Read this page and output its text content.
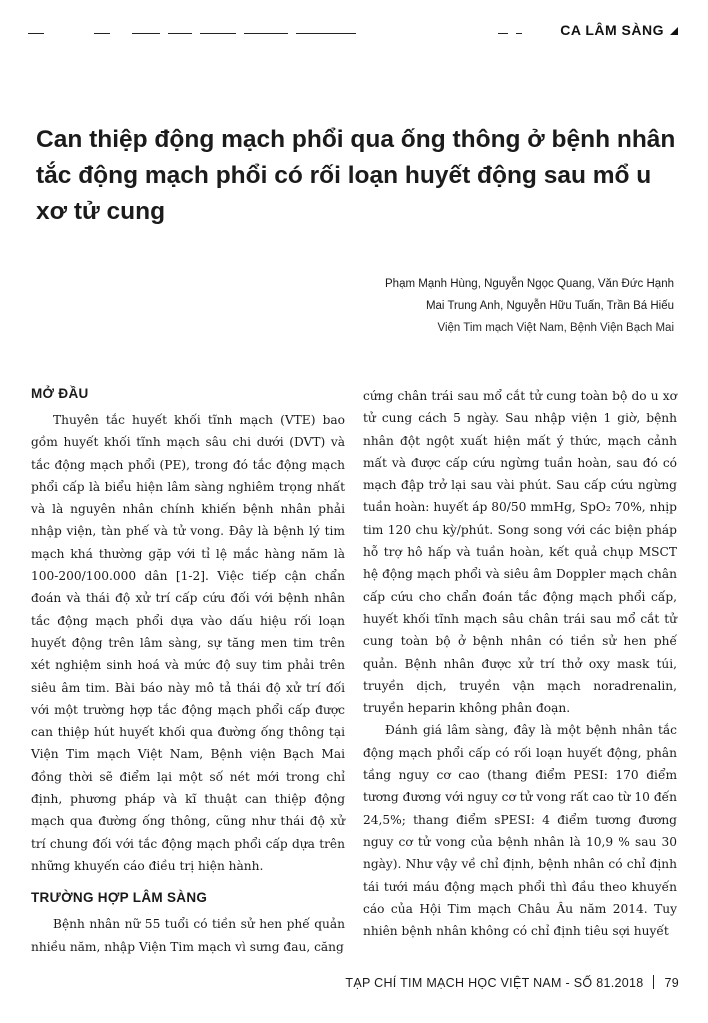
CA LÂM SÀNG
Can thiệp động mạch phổi qua ống thông ở bệnh nhân tắc động mạch phổi có rối loạn huyết động sau mổ u xơ tử cung
Phạm Mạnh Hùng, Nguyễn Ngọc Quang, Văn Đức Hạnh
Mai Trung Anh, Nguyễn Hữu Tuấn, Trần Bá Hiếu
Viện Tim mạch Việt Nam, Bệnh Viện Bạch Mai
MỞ ĐẦU

Thuyên tắc huyết khối tĩnh mạch (VTE) bao gồm huyết khối tĩnh mạch sâu chi dưới (DVT) và tắc động mạch phổi (PE), trong đó tắc động mạch phổi cấp là biểu hiện lâm sàng nghiêm trọng nhất và là nguyên nhân chính khiến bệnh nhân phải nhập viện, tàn phế và tử vong. Đây là bệnh lý tim mạch khá thường gặp với tỉ lệ mắc hàng năm là 100-200/100.000 dân [1-2]. Việc tiếp cận chẩn đoán và thái độ xử trí cấp cứu đối với bệnh nhân tắc động mạch phổi dựa vào dấu hiệu rối loạn huyết động trên lâm sàng, sự tăng men tim trên xét nghiệm sinh hoá và mức độ suy tim phải trên siêu âm tim. Bài báo này mô tả thái độ xử trí đối với một trường hợp tắc động mạch phổi cấp được can thiệp hút huyết khối qua đường ống thông tại Viện Tim mạch Việt Nam, Bệnh viện Bạch Mai đồng thời sẽ điểm lại một số nét mới trong chỉ định, phương pháp và kĩ thuật can thiệp động mạch qua đường ống thông, cũng như thái độ xử trí chung đối với tắc động mạch phổi cấp dựa trên những khuyến cáo điều trị hiện hành.

TRƯỜNG HỢP LÂM SÀNG

Bệnh nhân nữ 55 tuổi có tiền sử hen phế quản nhiều năm, nhập Viện Tim mạch vì sưng đau, căng

cứng chân trái sau mổ cắt tử cung toàn bộ do u xơ tử cung cách 5 ngày. Sau nhập viện 1 giờ, bệnh nhân đột ngột xuất hiện mất ý thức, mạch cảnh mất và được cấp cứu ngừng tuần hoàn, sau đó có mạch đập trở lại sau vài phút. Sau cấp cứu ngừng tuần hoàn: huyết áp 80/50 mmHg, SpO₂ 70%, nhịp tim 120 chu kỳ/phút. Song song với các biện pháp hỗ trợ hô hấp và tuần hoàn, kết quả chụp MSCT hệ động mạch phổi và siêu âm Doppler mạch chân cấp cứu cho chẩn đoán tắc động mạch phổi cấp, huyết khối tĩnh mạch sâu chân trái sau mổ cắt tử cung toàn bộ ở bệnh nhân có tiền sử hen phế quản. Bệnh nhân được xử trí thở oxy mask túi, truyền dịch, truyền vận mạch noradrenalin, truyền heparin không phân đoạn.

Đánh giá lâm sàng, đây là một bệnh nhân tắc động mạch phổi cấp có rối loạn huyết động, phân tầng nguy cơ cao (thang điểm PESI: 170 điểm tương đương với nguy cơ tử vong rất cao từ 10 đến 24,5%; thang điểm sPESI: 4 điểm tương đương nguy cơ tử vong của bệnh nhân là 10,9 % sau 30 ngày). Như vậy về chỉ định, bệnh nhân có chỉ định tái tưới máu động mạch phổi thì đầu theo khuyến cáo của Hội Tim mạch Châu Âu năm 2014. Tuy nhiên bệnh nhân không có chỉ định tiêu sợi huyết

TẠP CHÍ TIM MẠCH HỌC VIỆT NAM - SỐ 81.2018 79
